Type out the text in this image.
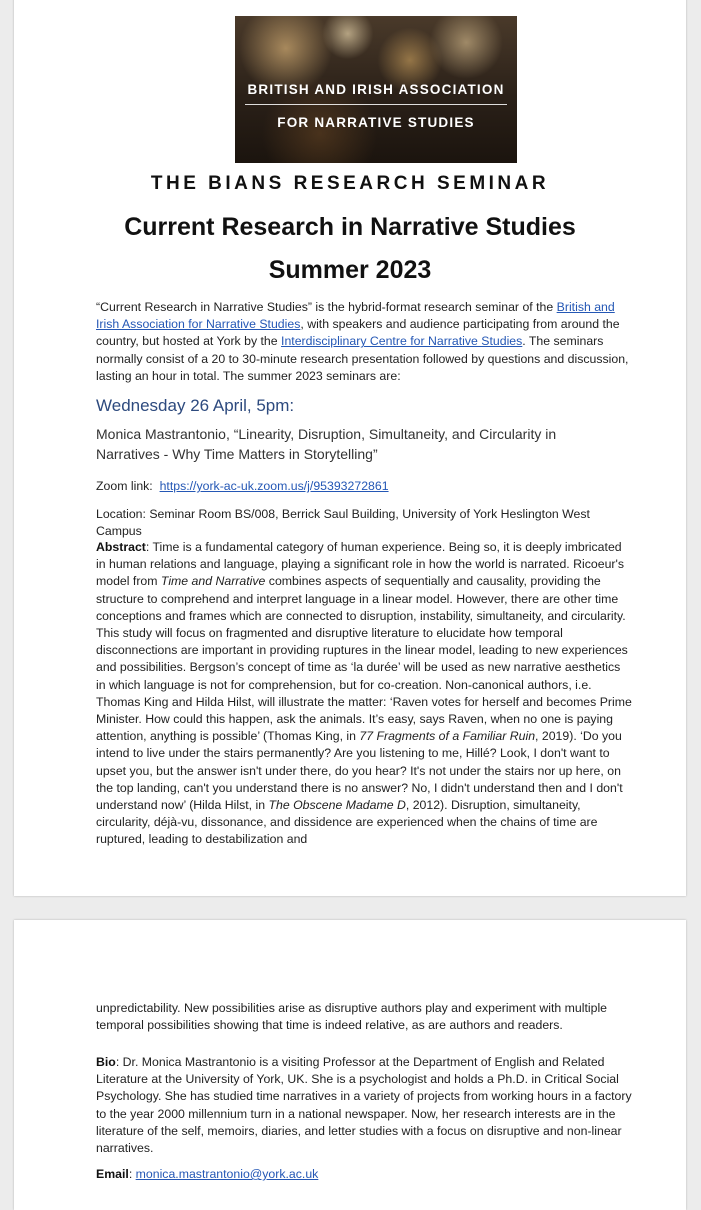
BRITISH AND IRISH ASSOCIATION
FOR NARRATIVE STUDIES
THE BIANS RESEARCH SEMINAR
Current Research in Narrative Studies
Summer 2023
“Current Research in Narrative Studies” is the hybrid-format research seminar of the British and Irish Association for Narrative Studies, with speakers and audience participating from around the country, but hosted at York by the Interdisciplinary Centre for Narrative Studies. The seminars normally consist of a 20 to 30-minute research presentation followed by questions and discussion, lasting an hour in total. The summer 2023 seminars are:
Wednesday 26 April, 5pm:
Monica Mastrantonio, “Linearity, Disruption, Simultaneity, and Circularity in Narratives - Why Time Matters in Storytelling”
Zoom link: https://york-ac-uk.zoom.us/j/95393272861
Location: Seminar Room BS/008, Berrick Saul Building, University of York Heslington West Campus
Abstract: Time is a fundamental category of human experience. Being so, it is deeply imbricated in human relations and language, playing a significant role in how the world is narrated. Ricoeur's model from Time and Narrative combines aspects of sequentially and causality, providing the structure to comprehend and interpret language in a linear model. However, there are other time conceptions and frames which are connected to disruption, instability, simultaneity, and circularity. This study will focus on fragmented and disruptive literature to elucidate how temporal disconnections are important in providing ruptures in the linear model, leading to new experiences and possibilities. Bergson’s concept of time as ‘la durée’ will be used as new narrative aesthetics in which language is not for comprehension, but for co-creation. Non-canonical authors, i.e. Thomas King and Hilda Hilst, will illustrate the matter: ‘Raven votes for herself and becomes Prime Minister. How could this happen, ask the animals. It’s easy, says Raven, when no one is paying attention, anything is possible’ (Thomas King, in 77 Fragments of a Familiar Ruin, 2019). ‘Do you intend to live under the stairs permanently? Are you listening to me, Hillé? Look, I don't want to upset you, but the answer isn't under there, do you hear? It's not under the stairs nor up here, on the top landing, can't you understand there is no answer? No, I didn't understand then and I don't understand now’ (Hilda Hilst, in The Obscene Madame D, 2012). Disruption, simultaneity, circularity, déjà-vu, dissonance, and dissidence are experienced when the chains of time are ruptured, leading to destabilization and
unpredictability. New possibilities arise as disruptive authors play and experiment with multiple temporal possibilities showing that time is indeed relative, as are authors and readers.
Bio: Dr. Monica Mastrantonio is a visiting Professor at the Department of English and Related Literature at the University of York, UK. She is a psychologist and holds a Ph.D. in Critical Social Psychology. She has studied time narratives in a variety of projects from working hours in a factory to the year 2000 millennium turn in a national newspaper. Now, her research interests are in the literature of the self, memoirs, diaries, and letter studies with a focus on disruptive and non-linear narratives.
Email: monica.mastrantonio@york.ac.uk
